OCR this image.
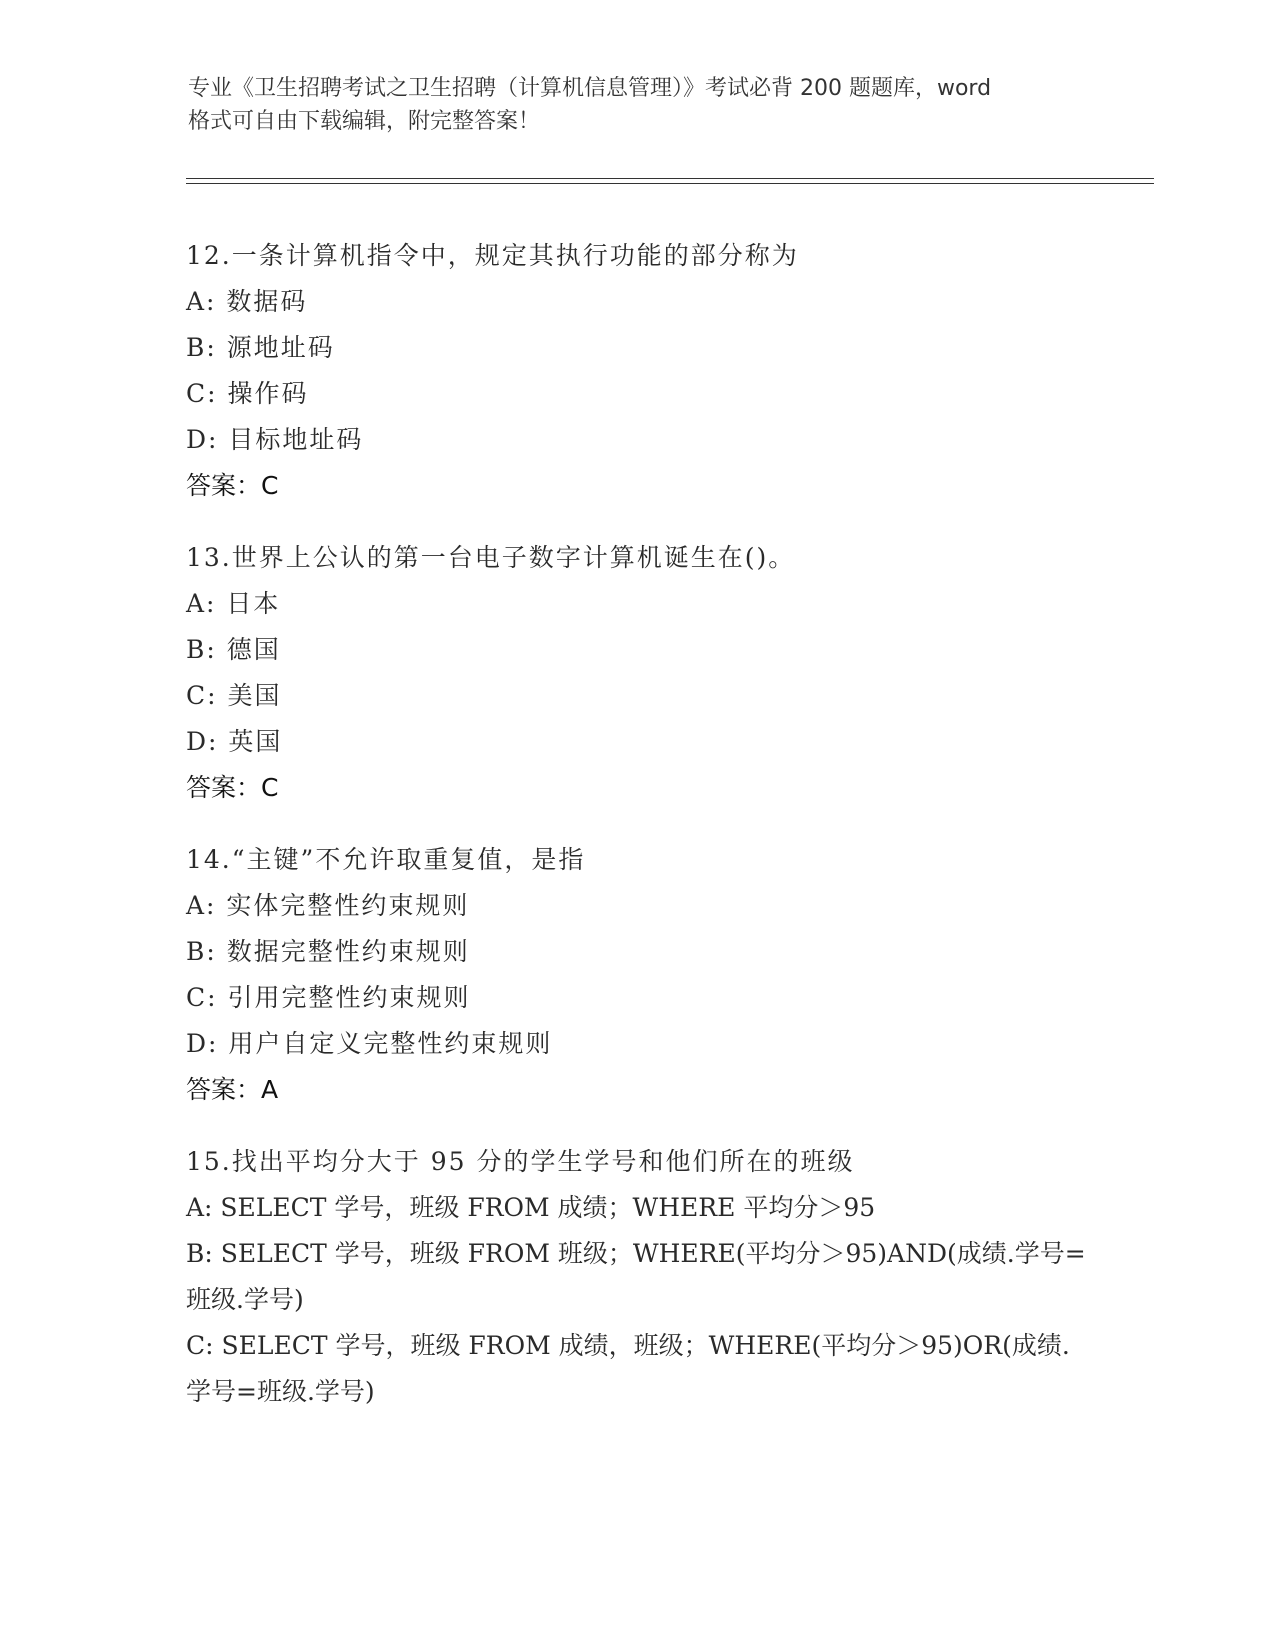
专业《卫生招聘考试之卫生招聘（计算机信息管理）》考试必背 200 题题库，word
格式可自由下载编辑，附完整答案！
12.一条计算机指令中，规定其执行功能的部分称为
A: 数据码
B: 源地址码
C: 操作码
D: 目标地址码
答案：C
13.世界上公认的第一台电子数字计算机诞生在()。
A: 日本
B: 德国
C: 美国
D: 英国
答案：C
14.“主键”不允许取重复值，是指
A: 实体完整性约束规则
B: 数据完整性约束规则
C: 引用完整性约束规则
D: 用户自定义完整性约束规则
答案：A
15.找出平均分大于 95 分的学生学号和他们所在的班级
A: SELECT 学号，班级 FROM 成绩；WHERE 平均分＞95
B: SELECT 学号，班级 FROM 班级；WHERE(平均分＞95)AND(成绩.学号=
班级.学号)
C: SELECT 学号，班级 FROM 成绩，班级；WHERE(平均分＞95)OR(成绩.
学号=班级.学号)
